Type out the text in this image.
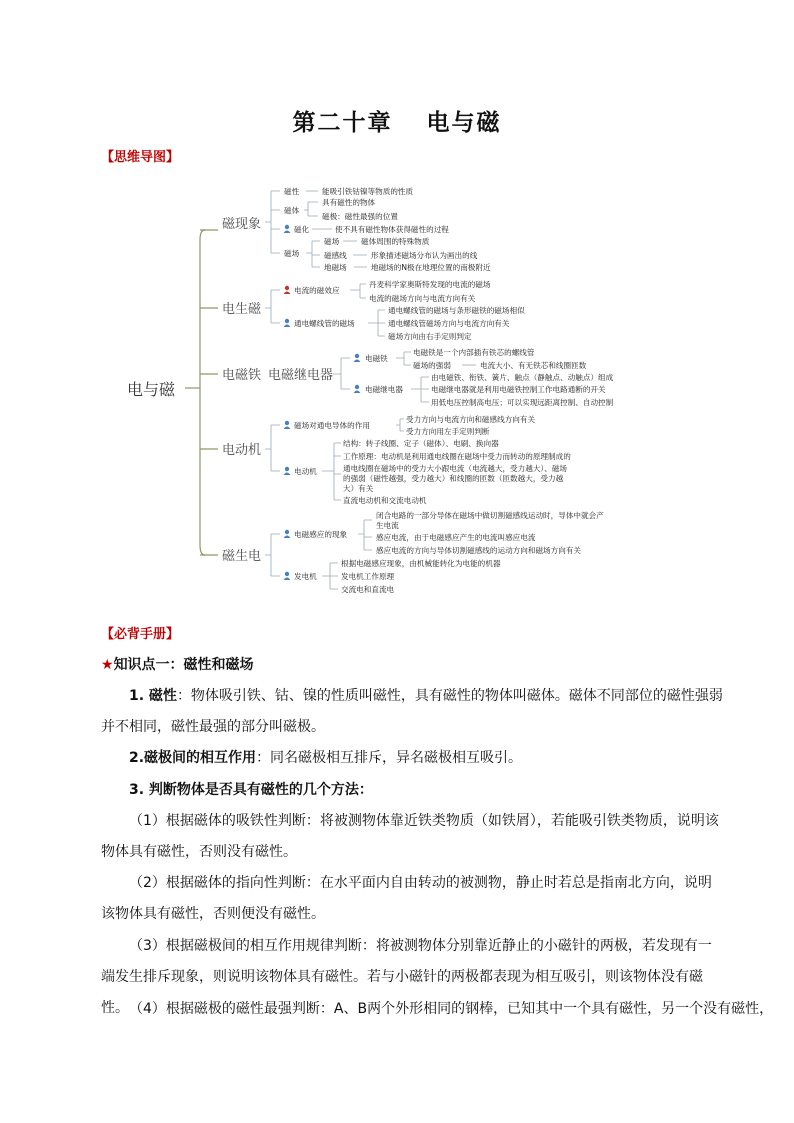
第二十章 电与磁
【思维导图】
电与磁
磁现象
电生磁
电磁铁 电磁继电器
电动机
磁生电
磁性	能吸引铁钴镍等物质的性质
磁体
具有磁性的物体
磁极：磁性最强的位置
磁化	使不具有磁性物体获得磁性的过程
磁场
磁场	磁体周围的特殊物质
磁感线	形象描述磁场分布认为画出的线
地磁场	地磁场的N极在地理位置的南极附近
电流的磁效应
丹麦科学家奥斯特发现的电流的磁场
电流的磁场方向与电流方向有关
通电螺线管的磁场
通电螺线管的磁场与条形磁铁的磁场相似
通电螺线管磁场方向与电流方向有关
磁场方向由右手定则判定
电磁铁
电磁铁是一个内部插有铁芯的螺线管
磁场的强弱	电流大小、有无铁芯和线圈匝数
电磁继电器
由电磁铁、衔铁、簧片、触点（静触点、动触点）组成
电磁继电器就是利用电磁铁控制工作电路通断的开关
用低电压控制高电压；可以实现远距离控制、自动控制
磁场对通电导体的作用
受力方向与电流方向和磁感线方向有关
受力方向用左手定则判断
电动机
结构：转子线圈、定子（磁体）、电刷、换向器
工作原理：电动机是利用通电线圈在磁场中受力而转动的原理制成的
通电线圈在磁场中的受力大小跟电流（电流越大，受力越大）、磁场
的强弱（磁性越强，受力越大）和线圈的匝数（匝数越大，受力越
大）有关
直流电动机和交流电动机
电磁感应的现象
闭合电路的一部分导体在磁场中做切割磁感线运动时，导体中就会产
生电流
感应电流，由于电磁感应产生的电流叫感应电流
感应电流的方向与导体切割磁感线的运动方向和磁场方向有关
发电机
根据电磁感应现象，由机械能转化为电能的机器
发电机工作原理
交流电和直流电
【必背手册】
★知识点一：磁性和磁场
1. 磁性：物体吸引铁、钴、镍的性质叫磁性，具有磁性的物体叫磁体。磁体不同部位的磁性强弱并不相同，磁性最强的部分叫磁极。
2.磁极间的相互作用：同名磁极相互排斥，异名磁极相互吸引。
3. 判断物体是否具有磁性的几个方法：
（1）根据磁体的吸铁性判断：将被测物体靠近铁类物质（如铁屑），若能吸引铁类物质，说明该物体具有磁性，否则没有磁性。
（2）根据磁体的指向性判断：在水平面内自由转动的被测物，静止时若总是指南北方向，说明该物体具有磁性，否则便没有磁性。
（3）根据磁极间的相互作用规律判断：将被测物体分别靠近静止的小磁针的两极，若发现有一端发生排斥现象，则说明该物体具有磁性。若与小磁针的两极都表现为相互吸引，则该物体没有磁性。 （4）根据磁极的磁性最强判断：A、B两个外形相同的钢棒，已知其中一个具有磁性，另一个没有磁性，
